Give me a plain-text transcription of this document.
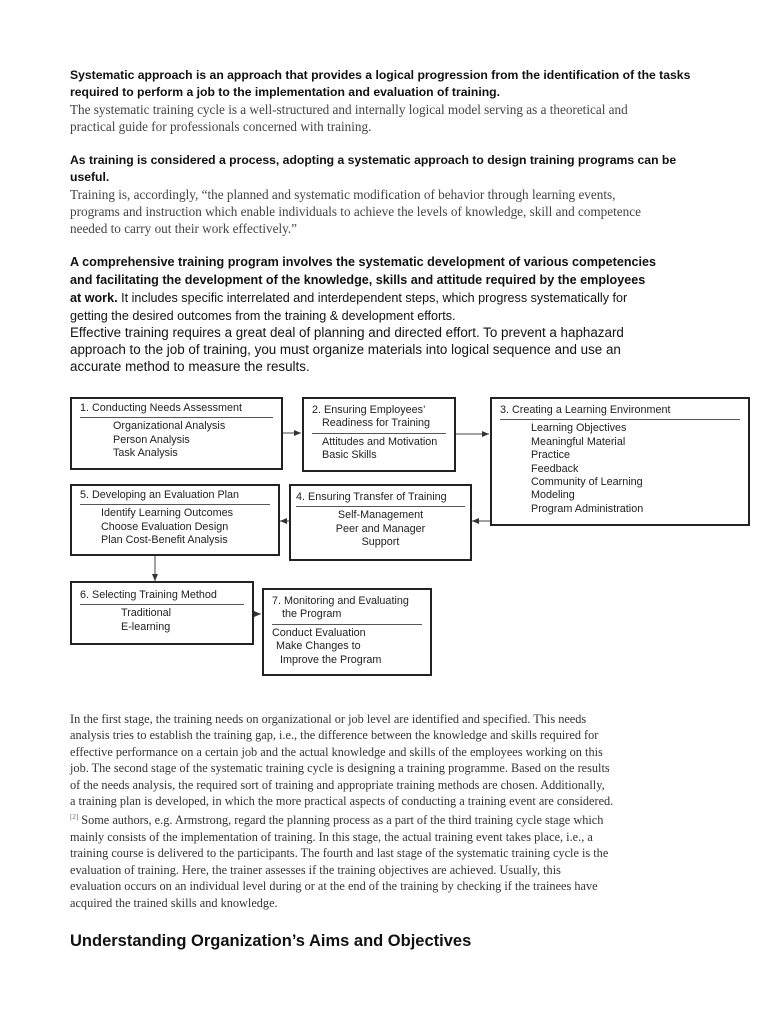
Systematic approach is an approach that provides a logical progression from the identification of the tasks
required to perform a job to the implementation and evaluation of training.
The systematic training cycle is a well-structured and internally logical model serving as a theoretical and
practical guide for professionals concerned with training.
As training is considered a process, adopting a systematic approach to design training programs can be
useful.
Training is, accordingly, “the planned and systematic modification of behavior through learning events,
programs and instruction which enable individuals to achieve the levels of knowledge, skill and competence
needed to carry out their work effectively.”
A comprehensive training program involves the systematic development of various competencies
and facilitating the development of the knowledge, skills and attitude required by the employees
at work. It includes specific interrelated and interdependent steps, which progress systematically for
getting the desired outcomes from the training & development efforts.
Effective training requires a great deal of planning and directed effort. To prevent a haphazard
approach to the job of training, you must organize materials into logical sequence and use an
accurate method to measure the results.
1. Conducting Needs Assessment
Organizational Analysis
Person Analysis
Task Analysis
2. Ensuring Employees’
Readiness for Training
Attitudes and Motivation
Basic Skills
3. Creating a Learning Environment
Learning Objectives
Meaningful Material
Practice
Feedback
Community of Learning
Modeling
Program Administration
5. Developing an Evaluation Plan
Identify Learning Outcomes
Choose Evaluation Design
Plan Cost-Benefit Analysis
4. Ensuring Transfer of Training
Self-Management
Peer and Manager
Support
6. Selecting Training Method
Traditional
E-learning
7. Monitoring and Evaluating
the Program
Conduct Evaluation
Make Changes to
Improve the Program
In the first stage, the training needs on organizational or job level are identified and specified. This needs
analysis tries to establish the training gap, i.e., the difference between the knowledge and skills required for
effective performance on a certain job and the actual knowledge and skills of the employees working on this
job. The second stage of the systematic training cycle is designing a training programme. Based on the results
of the needs analysis, the required sort of training and appropriate training methods are chosen. Additionally,
a training plan is developed, in which the more practical aspects of conducting a training event are considered.
[2] Some authors, e.g. Armstrong, regard the planning process as a part of the third training cycle stage which
mainly consists of the implementation of training. In this stage, the actual training event takes place, i.e., a
training course is delivered to the participants. The fourth and last stage of the systematic training cycle is the
evaluation of training. Here, the trainer assesses if the training objectives are achieved. Usually, this
evaluation occurs on an individual level during or at the end of the training by checking if the trainees have
acquired the trained skills and knowledge.
Understanding Organization’s Aims and Objectives
